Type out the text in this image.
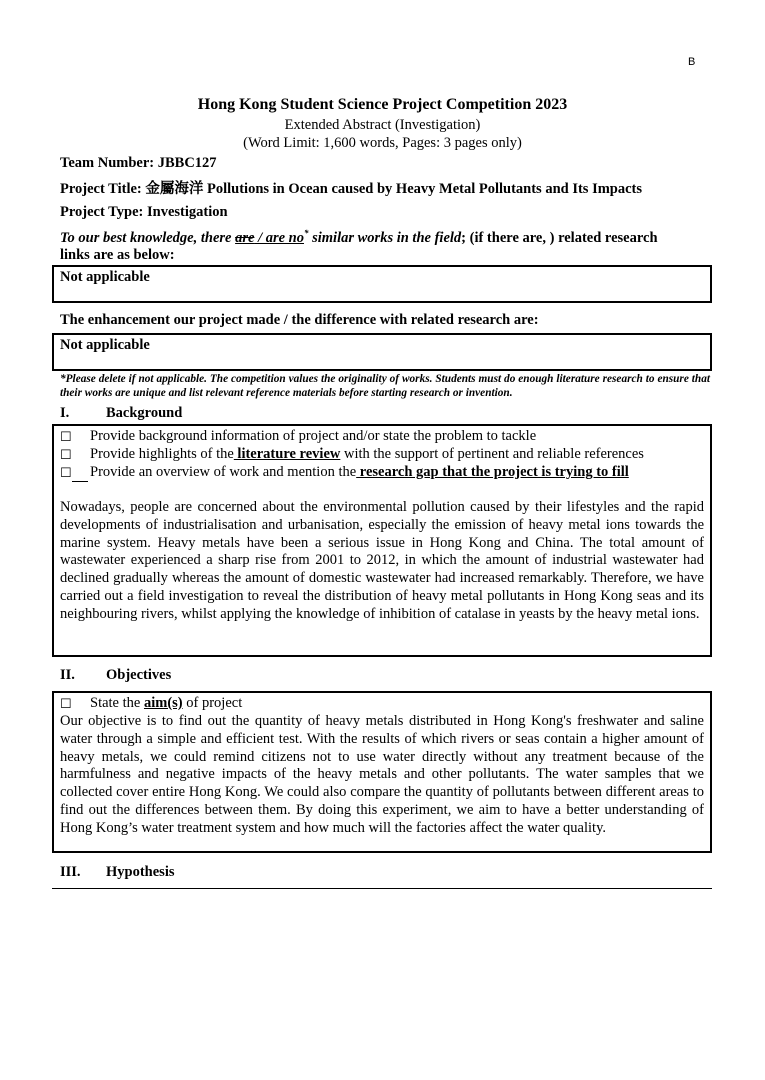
B
Hong Kong Student Science Project Competition 2023
Extended Abstract (Investigation)
(Word Limit: 1,600 words, Pages: 3 pages only)
Team Number: JBBC127
Project Title: 金屬海洋 Pollutions in Ocean caused by Heavy Metal Pollutants and Its Impacts
Project Type: Investigation
To our best knowledge, there are / are no* similar works in the field; (if there are, ) related research
links are as below:
Not applicable
The enhancement our project made / the difference with related research are:
Not applicable
*Please delete if not applicable. The competition values the originality of works. Students must do enough literature research to ensure that their works are unique and list relevant reference materials before starting research or invention.
I.	Background
☐ Provide background information of project and/or state the problem to tackle
☐ Provide highlights of the literature review with the support of pertinent and reliable references
☐ Provide an overview of work and mention the research gap that the project is trying to fill
Nowadays, people are concerned about the environmental pollution caused by their lifestyles and the rapid developments of industrialisation and urbanisation, especially the emission of heavy metal ions towards the marine system. Heavy metals have been a serious issue in Hong Kong and China. The total amount of wastewater experienced a sharp rise from 2001 to 2012, in which the amount of industrial wastewater had declined gradually whereas the amount of domestic wastewater had increased remarkably. Therefore, we have carried out a field investigation to reveal the distribution of heavy metal pollutants in Hong Kong seas and its neighbouring rivers, whilst applying the knowledge of inhibition of catalase in yeasts by the heavy metal ions.
II. Objectives
☐ State the aim(s) of project
Our objective is to find out the quantity of heavy metals distributed in Hong Kong's freshwater and saline water through a simple and efficient test. With the results of which rivers or seas contain a higher amount of heavy metals, we could remind citizens not to use water directly without any treatment because of the harmfulness and negative impacts of the heavy metals and other pollutants. The water samples that we collected cover entire Hong Kong. We could also compare the quantity of pollutants between different areas to find out the differences between them. By doing this experiment, we aim to have a better understanding of Hong Kong’s water treatment system and how much will the factories affect the water quality.
III. Hypothesis
